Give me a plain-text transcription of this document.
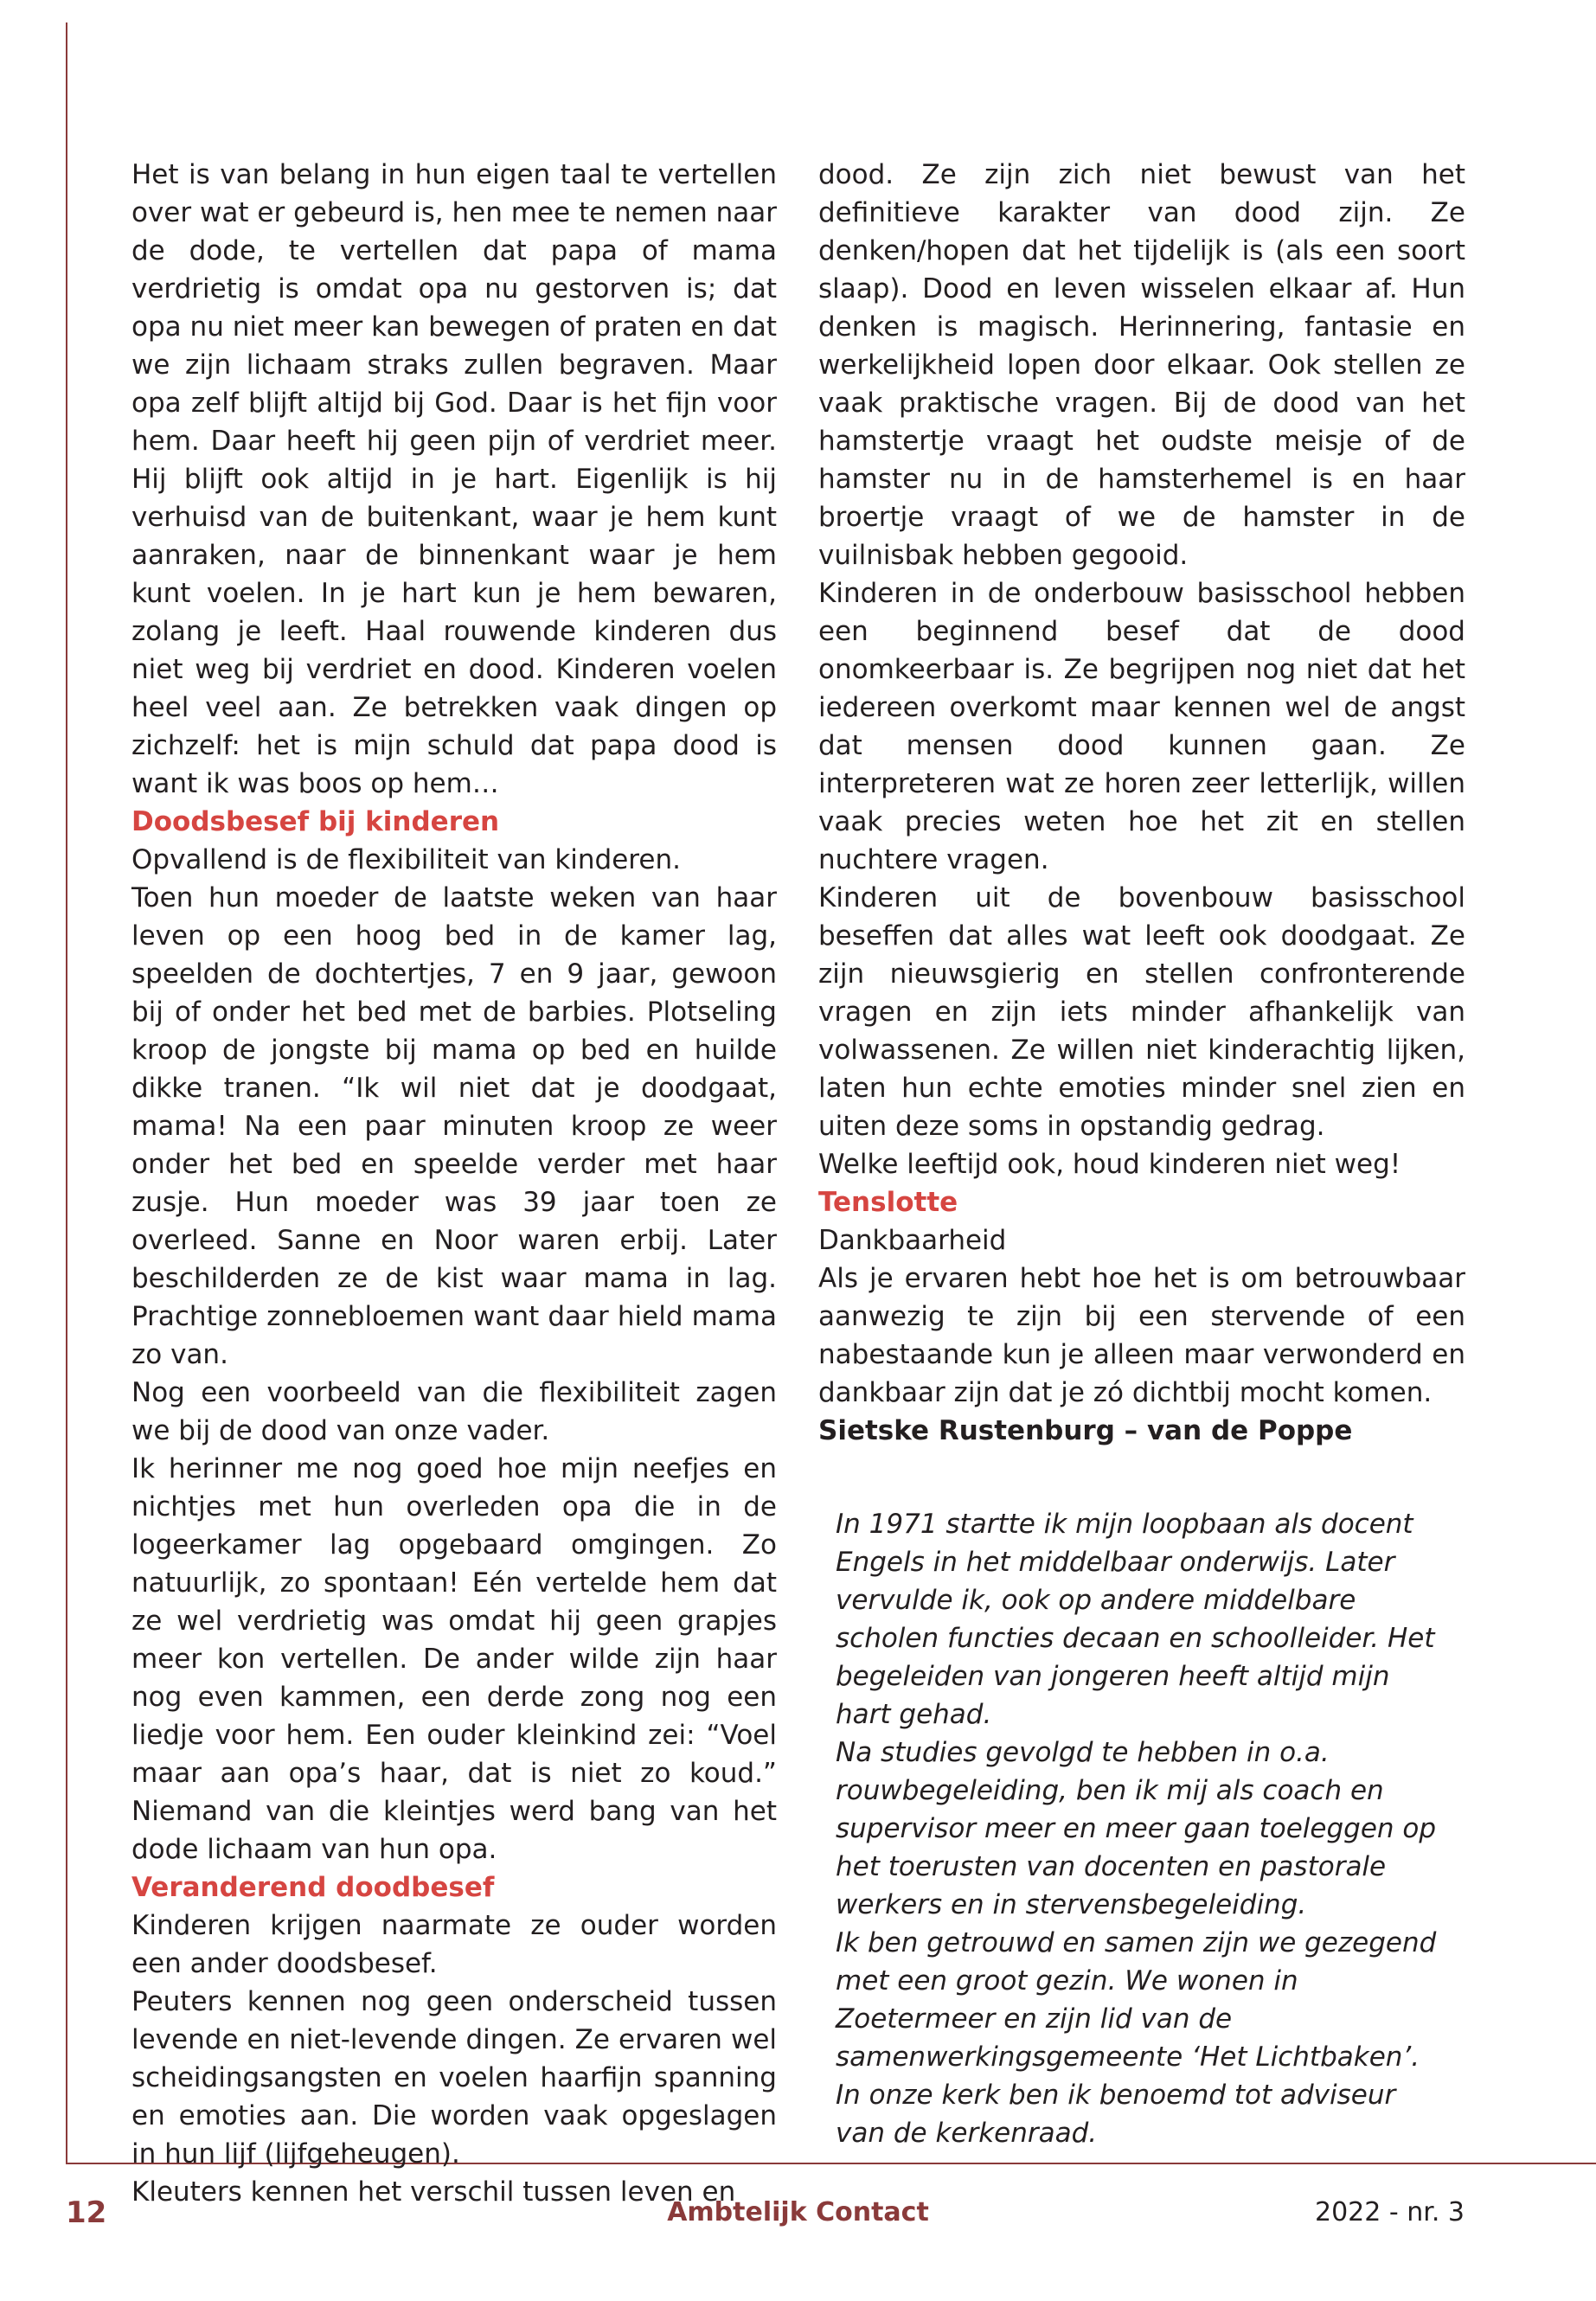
Het is van belang in hun eigen taal te vertellen over wat er gebeurd is, hen mee te nemen naar de dode, te vertellen dat papa of mama verdrietig is omdat opa nu gestorven is; dat opa nu niet meer kan bewegen of praten en dat we zijn lichaam straks zullen begraven. Maar opa zelf blijft altijd bij God. Daar is het fijn voor hem. Daar heeft hij geen pijn of verdriet meer. Hij blijft ook altijd in je hart. Eigenlijk is hij verhuisd van de buitenkant, waar je hem kunt aanraken, naar de binnenkant waar je hem kunt voelen. In je hart kun je hem bewaren, zolang je leeft. Haal rouwende kinderen dus niet weg bij verdriet en dood. Kinderen voelen heel veel aan. Ze betrekken vaak dingen op zichzelf: het is mijn schuld dat papa dood is want ik was boos op hem…

Doodsbesef bij kinderen

Opvallend is de flexibiliteit van kinderen.

Toen hun moeder de laatste weken van haar leven op een hoog bed in de kamer lag, speelden de dochtertjes, 7 en 9 jaar, gewoon bij of onder het bed met de barbies. Plotseling kroop de jongste bij mama op bed en huilde dikke tranen. “Ik wil niet dat je doodgaat, mama! Na een paar minuten kroop ze weer onder het bed en speelde verder met haar zusje. Hun moeder was 39 jaar toen ze overleed. Sanne en Noor waren erbij. Later beschilderden ze de kist waar mama in lag. Prachtige zonnebloemen want daar hield mama zo van.

Nog een voorbeeld van die flexibiliteit zagen we bij de dood van onze vader.

Ik herinner me nog goed hoe mijn neefjes en nichtjes met hun overleden opa die in de logeerkamer lag opgebaard omgingen. Zo natuurlijk, zo spontaan! Eén vertelde hem dat ze wel verdrietig was omdat hij geen grapjes meer kon vertellen. De ander wilde zijn haar nog even kammen, een derde zong nog een liedje voor hem. Een ouder kleinkind zei: “Voel maar aan opa’s haar, dat is niet zo koud.” Niemand van die kleintjes werd bang van het dode lichaam van hun opa.

Veranderend doodbesef

Kinderen krijgen naarmate ze ouder worden een ander doodsbesef.

Peuters kennen nog geen onderscheid tussen levende en niet-levende dingen. Ze ervaren wel scheidingsangsten en voelen haarfijn spanning en emoties aan. Die worden vaak opgeslagen in hun lijf (lijfgeheugen).

Kleuters kennen het verschil tussen leven en

dood. Ze zijn zich niet bewust van het definitieve karakter van dood zijn. Ze denken/hopen dat het tijdelijk is (als een soort slaap). Dood en leven wisselen elkaar af. Hun denken is magisch. Herinnering, fantasie en werkelijkheid lopen door elkaar. Ook stellen ze vaak praktische vragen. Bij de dood van het hamstertje vraagt het oudste meisje of de hamster nu in de hamsterhemel is en haar broertje vraagt of we de hamster in de vuilnisbak hebben gegooid.

Kinderen in de onderbouw basisschool hebben een beginnend besef dat de dood onomkeerbaar is. Ze begrijpen nog niet dat het iedereen overkomt maar kennen wel de angst dat mensen dood kunnen gaan. Ze interpreteren wat ze horen zeer letterlijk, willen vaak precies weten hoe het zit en stellen nuchtere vragen.

Kinderen uit de bovenbouw basisschool beseffen dat alles wat leeft ook doodgaat. Ze zijn nieuwsgierig en stellen confronterende vragen en zijn iets minder afhankelijk van volwassenen. Ze willen niet kinderachtig lijken, laten hun echte emoties minder snel zien en uiten deze soms in opstandig gedrag.

Welke leeftijd ook, houd kinderen niet weg!

Tenslotte

Dankbaarheid

Als je ervaren hebt hoe het is om betrouwbaar aanwezig te zijn bij een stervende of een nabestaande kun je alleen maar verwonderd en dankbaar zijn dat je zó dichtbij mocht komen.

Sietske Rustenburg – van de Poppe

In 1971 startte ik mijn loopbaan als docent Engels in het middelbaar onderwijs. Later vervulde ik, ook op andere middelbare scholen functies decaan en schoolleider. Het begeleiden van jongeren heeft altijd mijn hart gehad.

Na studies gevolgd te hebben in o.a. rouwbegeleiding, ben ik mij als coach en supervisor meer en meer gaan toeleggen op het toerusten van docenten en pastorale werkers en in stervensbegeleiding.

Ik ben getrouwd en samen zijn we gezegend met een groot gezin. We wonen in Zoetermeer en zijn lid van de samenwerkingsgemeente ‘Het Lichtbaken’. In onze kerk ben ik benoemd tot adviseur van de kerkenraad.

12	Ambtelijk Contact	2022 - nr. 3
